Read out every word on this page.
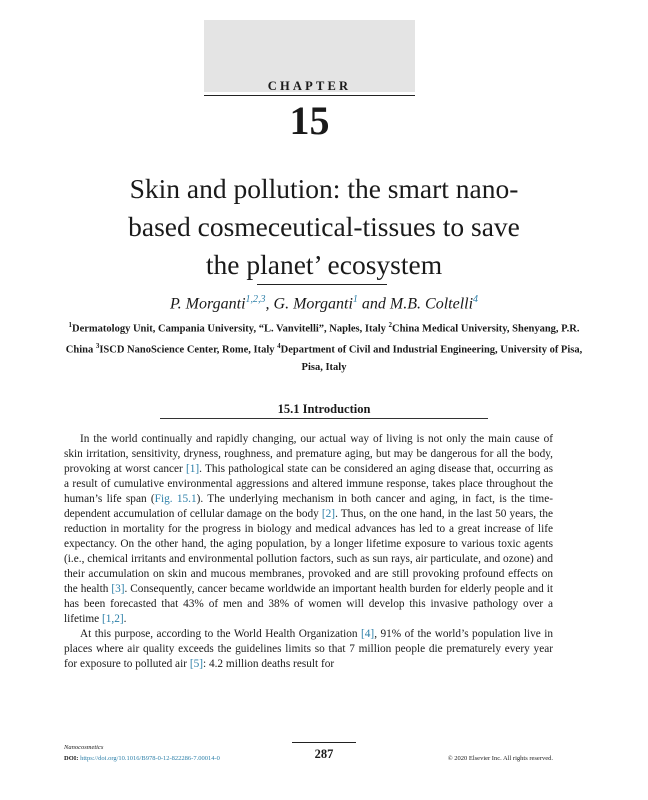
CHAPTER
15
Skin and pollution: the smart nano-
based cosmeceutical-tissues to save
the planet’ ecosystem
P. Morganti$^{1,2,3}$, G. Morganti$^1$ and M.B. Coltelli$^4$
$^1$Dermatology Unit, Campania University, “L. Vanvitelli”, Naples, Italy $^2$China Medical University, Shenyang, P.R. China $^3$ISCD NanoScience Center, Rome, Italy $^4$Department of Civil and Industrial Engineering, University of Pisa, Pisa, Italy
15.1 Introduction

In the world continually and rapidly changing, our actual way of living is not only the main cause of skin irritation, sensitivity, dryness, roughness, and premature aging, but may be dangerous for all the body, provoking at worst cancer [1]. This pathological state can be considered an aging disease that, occurring as a result of cumulative environmental aggressions and altered immune response, takes place throughout the human’s life span (Fig. 15.1). The underlying mechanism in both cancer and aging, in fact, is the time-dependent accumulation of cellular damage on the body [2]. Thus, on the one hand, in the last 50 years, the reduction in mortality for the progress in biology and medical advances has led to a great increase of life expectancy. On the other hand, the aging population, by a longer lifetime exposure to various toxic agents (i.e., chemical irritants and environmental pollution factors, such as sun rays, air particulate, and ozone) and their accumulation on skin and mucous membranes, provoked and are still provoking profound effects on the health [3]. Consequently, cancer became worldwide an important health burden for elderly people and it has been forecasted that 43% of men and 38% of women will develop this invasive pathology over a lifetime [1,2].

At this purpose, according to the World Health Organization [4], 91% of the world’s population live in places where air quality exceeds the guidelines limits so that 7 million people die prematurely every year for exposure to polluted air [5]: 4.2 million deaths result for

Nanocosmetics
DOI: https://doi.org/10.1016/B978-0-12-822286-7.00014-0	287	© 2020 Elsevier Inc. All rights reserved.
